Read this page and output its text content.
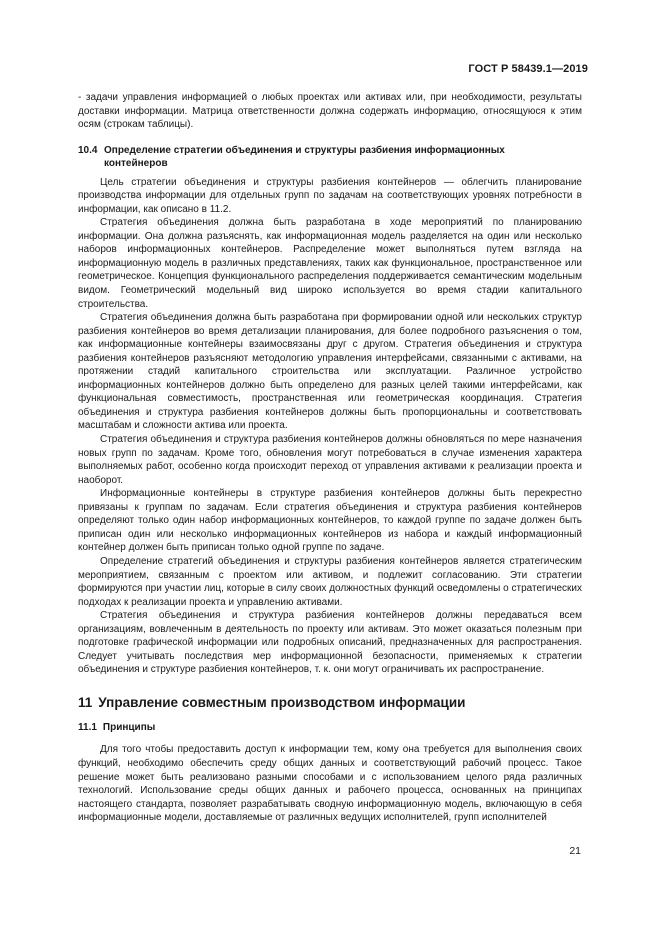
ГОСТ Р 58439.1—2019

- задачи управления информацией о любых проектах или активах или, при необходимости, результаты доставки информации. Матрица ответственности должна содержать информацию, относящуюся к этим осям (строкам таблицы).

10.4 Определение стратегии объединения и структуры разбиения информационных
контейнеров

Цель стратегии объединения и структуры разбиения контейнеров — облегчить планирование производства информации для отдельных групп по задачам на соответствующих уровнях потребности в информации, как описано в 11.2.

Стратегия объединения должна быть разработана в ходе мероприятий по планированию информации. Она должна разъяснять, как информационная модель разделяется на один или несколько наборов информационных контейнеров. Распределение может выполняться путем взгляда на информационную модель в различных представлениях, таких как функциональное, пространственное или геометрическое. Концепция функционального распределения поддерживается семантическим модельным видом. Геометрический модельный вид широко используется во время стадии капитального строительства.

Стратегия объединения должна быть разработана при формировании одной или нескольких структур разбиения контейнеров во время детализации планирования, для более подробного разъяснения о том, как информационные контейнеры взаимосвязаны друг с другом. Стратегия объединения и структура разбиения контейнеров разъясняют методологию управления интерфейсами, связанными с активами, на протяжении стадий капитального строительства или эксплуатации. Различное устройство информационных контейнеров должно быть определено для разных целей такими интерфейсами, как функциональная совместимость, пространственная или геометрическая координация. Стратегия объединения и структура разбиения контейнеров должны быть пропорциональны и соответствовать масштабам и сложности актива или проекта.

Стратегия объединения и структура разбиения контейнеров должны обновляться по мере назначения новых групп по задачам. Кроме того, обновления могут потребоваться в случае изменения характера выполняемых работ, особенно когда происходит переход от управления активами к реализации проекта и наоборот.

Информационные контейнеры в структуре разбиения контейнеров должны быть перекрестно привязаны к группам по задачам. Если стратегия объединения и структура разбиения контейнеров определяют только один набор информационных контейнеров, то каждой группе по задаче должен быть приписан один или несколько информационных контейнеров из набора и каждый информационный контейнер должен быть приписан только одной группе по задаче.

Определение стратегий объединения и структуры разбиения контейнеров является стратегическим мероприятием, связанным с проектом или активом, и подлежит согласованию. Эти стратегии формируются при участии лиц, которые в силу своих должностных функций осведомлены о стратегических подходах к реализации проекта и управлению активами.

Стратегия объединения и структура разбиения контейнеров должны передаваться всем организациям, вовлеченным в деятельность по проекту или активам. Это может оказаться полезным при подготовке графической информации или подробных описаний, предназначенных для распространения. Следует учитывать последствия мер информационной безопасности, применяемых к стратегии объединения и структуре разбиения контейнеров, т. к. они могут ограничивать их распространение.

11 Управление совместным производством информации
11.1 Принципы

Для того чтобы предоставить доступ к информации тем, кому она требуется для выполнения своих функций, необходимо обеспечить среду общих данных и соответствующий рабочий процесс. Такое решение может быть реализовано разными способами и с использованием целого ряда различных технологий. Использование среды общих данных и рабочего процесса, основанных на принципах настоящего стандарта, позволяет разрабатывать сводную информационную модель, включающую в себя информационные модели, доставляемые от различных ведущих исполнителей, групп исполнителей

21
